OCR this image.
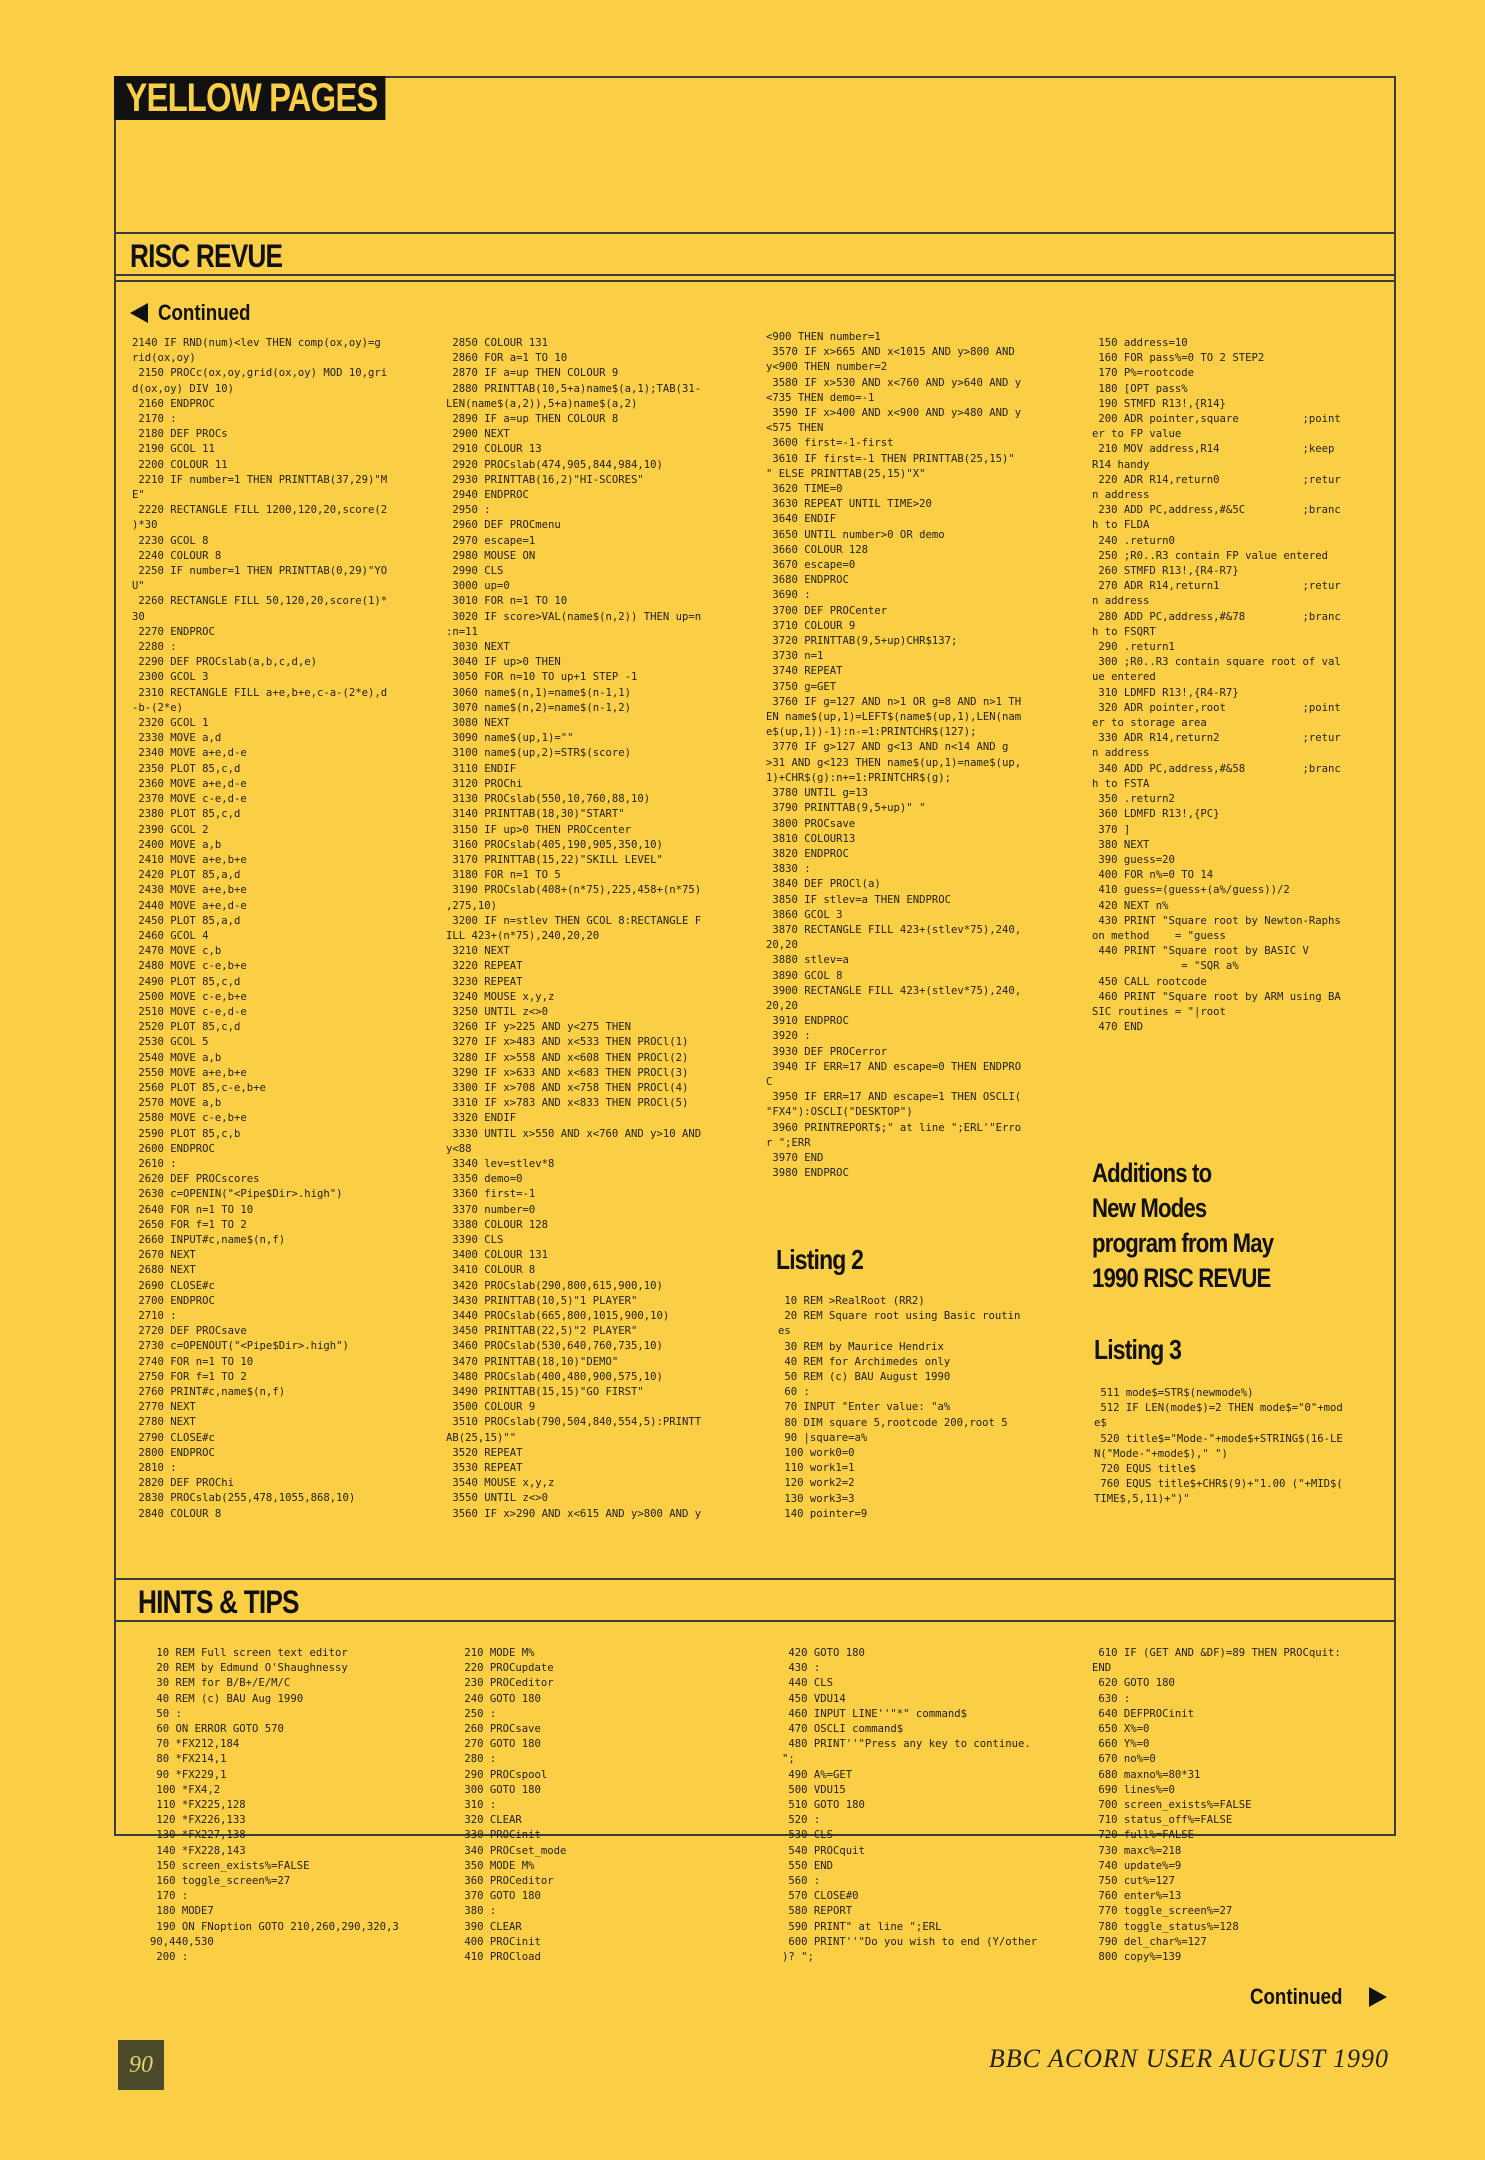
YELLOW PAGES
RISC REVUE
Continued
2140 IF RND(num)<lev THEN comp(ox,oy)=g
rid(ox,oy)
2150 PROCc(ox,oy,grid(ox,oy) MOD 10,gri
d(ox,oy) DIV 10)
2160 ENDPROC
2170 :
2180 DEF PROCs
2190 GCOL 11
2200 COLOUR 11
2210 IF number=1 THEN PRINTTAB(37,29)"M
E"
2220 RECTANGLE FILL 1200,120,20,score(2
)*30
2230 GCOL 8
2240 COLOUR 8
2250 IF number=1 THEN PRINTTAB(0,29)"YO
U"
2260 RECTANGLE FILL 50,120,20,score(1)*
30
2270 ENDPROC
2280 :
2290 DEF PROCslab(a,b,c,d,e)
2300 GCOL 3
2310 RECTANGLE FILL a+e,b+e,c-a-(2*e),d
-b-(2*e)
2320 GCOL 1
2330 MOVE a,d
2340 MOVE a+e,d-e
2350 PLOT 85,c,d
2360 MOVE a+e,d-e
2370 MOVE c-e,d-e
2380 PLOT 85,c,d
2390 GCOL 2
2400 MOVE a,b
2410 MOVE a+e,b+e
2420 PLOT 85,a,d
2430 MOVE a+e,b+e
2440 MOVE a+e,d-e
2450 PLOT 85,a,d
2460 GCOL 4
2470 MOVE c,b
2480 MOVE c-e,b+e
2490 PLOT 85,c,d
2500 MOVE c-e,b+e
2510 MOVE c-e,d-e
2520 PLOT 85,c,d
2530 GCOL 5
2540 MOVE a,b
2550 MOVE a+e,b+e
2560 PLOT 85,c-e,b+e
2570 MOVE a,b
2580 MOVE c-e,b+e
2590 PLOT 85,c,b
2600 ENDPROC
2610 :
2620 DEF PROCscores
2630 c=OPENIN("<Pipe$Dir>.high")
2640 FOR n=1 TO 10
2650 FOR f=1 TO 2
2660 INPUT#c,name$(n,f)
2670 NEXT
2680 NEXT
2690 CLOSE#c
2700 ENDPROC
2710 :
2720 DEF PROCsave
2730 c=OPENOUT("<Pipe$Dir>.high")
2740 FOR n=1 TO 10
2750 FOR f=1 TO 2
2760 PRINT#c,name$(n,f)
2770 NEXT
2780 NEXT
2790 CLOSE#c
2800 ENDPROC
2810 :
2820 DEF PROChi
2830 PROCslab(255,478,1055,868,10)
2840 COLOUR 8
2850 COLOUR 131
2860 FOR a=1 TO 10
2870 IF a=up THEN COLOUR 9
2880 PRINTTAB(10,5+a)name$(a,1);TAB(31-
LEN(name$(a,2)),5+a)name$(a,2)
2890 IF a=up THEN COLOUR 8
2900 NEXT
2910 COLOUR 13
2920 PROCslab(474,905,844,984,10)
2930 PRINTTAB(16,2)"HI-SCORES"
2940 ENDPROC
2950 :
2960 DEF PROCmenu
2970 escape=1
2980 MOUSE ON
2990 CLS
3000 up=0
3010 FOR n=1 TO 10
3020 IF score>VAL(name$(n,2)) THEN up=n
:n=11
3030 NEXT
3040 IF up>0 THEN
3050 FOR n=10 TO up+1 STEP -1
3060 name$(n,1)=name$(n-1,1)
3070 name$(n,2)=name$(n-1,2)
3080 NEXT
3090 name$(up,1)=""
3100 name$(up,2)=STR$(score)
3110 ENDIF
3120 PROChi
3130 PROCslab(550,10,760,88,10)
3140 PRINTTAB(18,30)"START"
3150 IF up>0 THEN PROCcenter
3160 PROCslab(405,190,905,350,10)
3170 PRINTTAB(15,22)"SKILL LEVEL"
3180 FOR n=1 TO 5
3190 PROCslab(408+(n*75),225,458+(n*75)
,275,10)
3200 IF n=stlev THEN GCOL 8:RECTANGLE F
ILL 423+(n*75),240,20,20
3210 NEXT
3220 REPEAT
3230 REPEAT
3240 MOUSE x,y,z
3250 UNTIL z<>0
3260 IF y>225 AND y<275 THEN
3270 IF x>483 AND x<533 THEN PROCl(1)
3280 IF x>558 AND x<608 THEN PROCl(2)
3290 IF x>633 AND x<683 THEN PROCl(3)
3300 IF x>708 AND x<758 THEN PROCl(4)
3310 IF x>783 AND x<833 THEN PROCl(5)
3320 ENDIF
3330 UNTIL x>550 AND x<760 AND y>10 AND
y<88
3340 lev=stlev*8
3350 demo=0
3360 first=-1
3370 number=0
3380 COLOUR 128
3390 CLS
3400 COLOUR 131
3410 COLOUR 8
3420 PROCslab(290,800,615,900,10)
3430 PRINTTAB(10,5)"1 PLAYER"
3440 PROCslab(665,800,1015,900,10)
3450 PRINTTAB(22,5)"2 PLAYER"
3460 PROCslab(530,640,760,735,10)
3470 PRINTTAB(18,10)"DEMO"
3480 PROCslab(400,480,900,575,10)
3490 PRINTTAB(15,15)"GO FIRST"
3500 COLOUR 9
3510 PROCslab(790,504,840,554,5):PRINTT
AB(25,15)""
3520 REPEAT
3530 REPEAT
3540 MOUSE x,y,z
3550 UNTIL z<>0
3560 IF x>290 AND x<615 AND y>800 AND y
<900 THEN number=1
3570 IF x>665 AND x<1015 AND y>800 AND
y<900 THEN number=2
3580 IF x>530 AND x<760 AND y>640 AND y
<735 THEN demo=-1
3590 IF x>400 AND x<900 AND y>480 AND y
<575 THEN
3600 first=-1-first
3610 IF first=-1 THEN PRINTTAB(25,15)"
" ELSE PRINTTAB(25,15)"X"
3620 TIME=0
3630 REPEAT UNTIL TIME>20
3640 ENDIF
3650 UNTIL number>0 OR demo
3660 COLOUR 128
3670 escape=0
3680 ENDPROC
3690 :
3700 DEF PROCenter
3710 COLOUR 9
3720 PRINTTAB(9,5+up)CHR$137;
3730 n=1
3740 REPEAT
3750 g=GET
3760 IF g=127 AND n>1 OR g=8 AND n>1 TH
EN name$(up,1)=LEFT$(name$(up,1),LEN(nam
e$(up,1))-1):n-=1:PRINTCHR$(127);
3770 IF g>127 AND g<13 AND n<14 AND g
>31 AND g<123 THEN name$(up,1)=name$(up,
1)+CHR$(g):n+=1:PRINTCHR$(g);
3780 UNTIL g=13
3790 PRINTTAB(9,5+up)" "
3800 PROCsave
3810 COLOUR13
3820 ENDPROC
3830 :
3840 DEF PROCl(a)
3850 IF stlev=a THEN ENDPROC
3860 GCOL 3
3870 RECTANGLE FILL 423+(stlev*75),240,
20,20
3880 stlev=a
3890 GCOL 8
3900 RECTANGLE FILL 423+(stlev*75),240,
20,20
3910 ENDPROC
3920 :
3930 DEF PROCerror
3940 IF ERR=17 AND escape=0 THEN ENDPRO
C
3950 IF ERR=17 AND escape=1 THEN OSCLI(
"FX4"):OSCLI("DESKTOP")
3960 PRINTREPORT$;" at line ";ERL'"Erro
r ";ERR
3970 END
3980 ENDPROC
150 address=10
160 FOR pass%=0 TO 2 STEP2
170 P%=rootcode
180 [OPT pass%
190 STMFD R13!,{R14}
200 ADR pointer,square          ;point
er to FP value
210 MOV address,R14             ;keep
R14 handy
220 ADR R14,return0             ;retur
n address
230 ADD PC,address,#&5C         ;branc
h to FLDA
240 .return0
250 ;R0..R3 contain FP value entered
260 STMFD R13!,{R4-R7}
270 ADR R14,return1             ;retur
n address
280 ADD PC,address,#&78         ;branc
h to FSQRT
290 .return1
300 ;R0..R3 contain square root of val
ue entered
310 LDMFD R13!,{R4-R7}
320 ADR pointer,root            ;point
er to storage area
330 ADR R14,return2             ;retur
n address
340 ADD PC,address,#&58         ;branc
h to FSTA
350 .return2
360 LDMFD R13!,{PC}
370 ]
380 NEXT
390 guess=20
400 FOR n%=0 TO 14
410 guess=(guess+(a%/guess))/2
420 NEXT n%
430 PRINT "Square root by Newton-Raphs
on method    = "guess
440 PRINT "Square root by BASIC V
= "SQR a%
450 CALL rootcode
460 PRINT "Square root by ARM using BA
SIC routines = "|root
470 END
Listing 2
10 REM >RealRoot (RR2)
20 REM Square root using Basic routin
es
30 REM by Maurice Hendrix
40 REM for Archimedes only
50 REM (c) BAU August 1990
60 :
70 INPUT "Enter value: "a%
80 DIM square 5,rootcode 200,root 5
90 |square=a%
100 work0=0
110 work1=1
120 work2=2
130 work3=3
140 pointer=9
Additions to
New Modes
program from May
1990 RISC REVUE
Listing 3
511 mode$=STR$(newmode%)
512 IF LEN(mode$)=2 THEN mode$="0"+mod
e$
520 title$="Mode-"+mode$+STRING$(16-LE
N("Mode-"+mode$)," ")
720 EQUS title$
760 EQUS title$+CHR$(9)+"1.00 ("+MID$(
TIME$,5,11)+")"
HINTS & TIPS
10 REM Full screen text editor
20 REM by Edmund O'Shaughnessy
30 REM for B/B+/E/M/C
40 REM (c) BAU Aug 1990
50 :
60 ON ERROR GOTO 570
70 *FX212,184
80 *FX214,1
90 *FX229,1
100 *FX4,2
110 *FX225,128
120 *FX226,133
130 *FX227,138
140 *FX228,143
150 screen_exists%=FALSE
160 toggle_screen%=27
170 :
180 MODE7
190 ON FNoption GOTO 210,260,290,320,3
90,440,530
200 :
210 MODE M%
220 PROCupdate
230 PROCeditor
240 GOTO 180
250 :
260 PROCsave
270 GOTO 180
280 :
290 PROCspool
300 GOTO 180
310 :
320 CLEAR
330 PROCinit
340 PROCset_mode
350 MODE M%
360 PROCeditor
370 GOTO 180
380 :
390 CLEAR
400 PROCinit
410 PROCload
420 GOTO 180
430 :
440 CLS
450 VDU14
460 INPUT LINE''"*" command$
470 OSCLI command$
480 PRINT''"Press any key to continue.
";
490 A%=GET
500 VDU15
510 GOTO 180
520 :
530 CLS
540 PROCquit
550 END
560 :
570 CLOSE#0
580 REPORT
590 PRINT" at line ";ERL
600 PRINT''"Do you wish to end (Y/other
)? ";
610 IF (GET AND &DF)=89 THEN PROCquit:
END
620 GOTO 180
630 :
640 DEFPROCinit
650 X%=0
660 Y%=0
670 no%=0
680 maxno%=80*31
690 lines%=0
700 screen_exists%=FALSE
710 status_off%=FALSE
720 full%=FALSE
730 maxc%=218
740 update%=9
750 cut%=127
760 enter%=13
770 toggle_screen%=27
780 toggle_status%=128
790 del_char%=127
800 copy%=139
Continued
90	BBC ACORN USER AUGUST 1990
